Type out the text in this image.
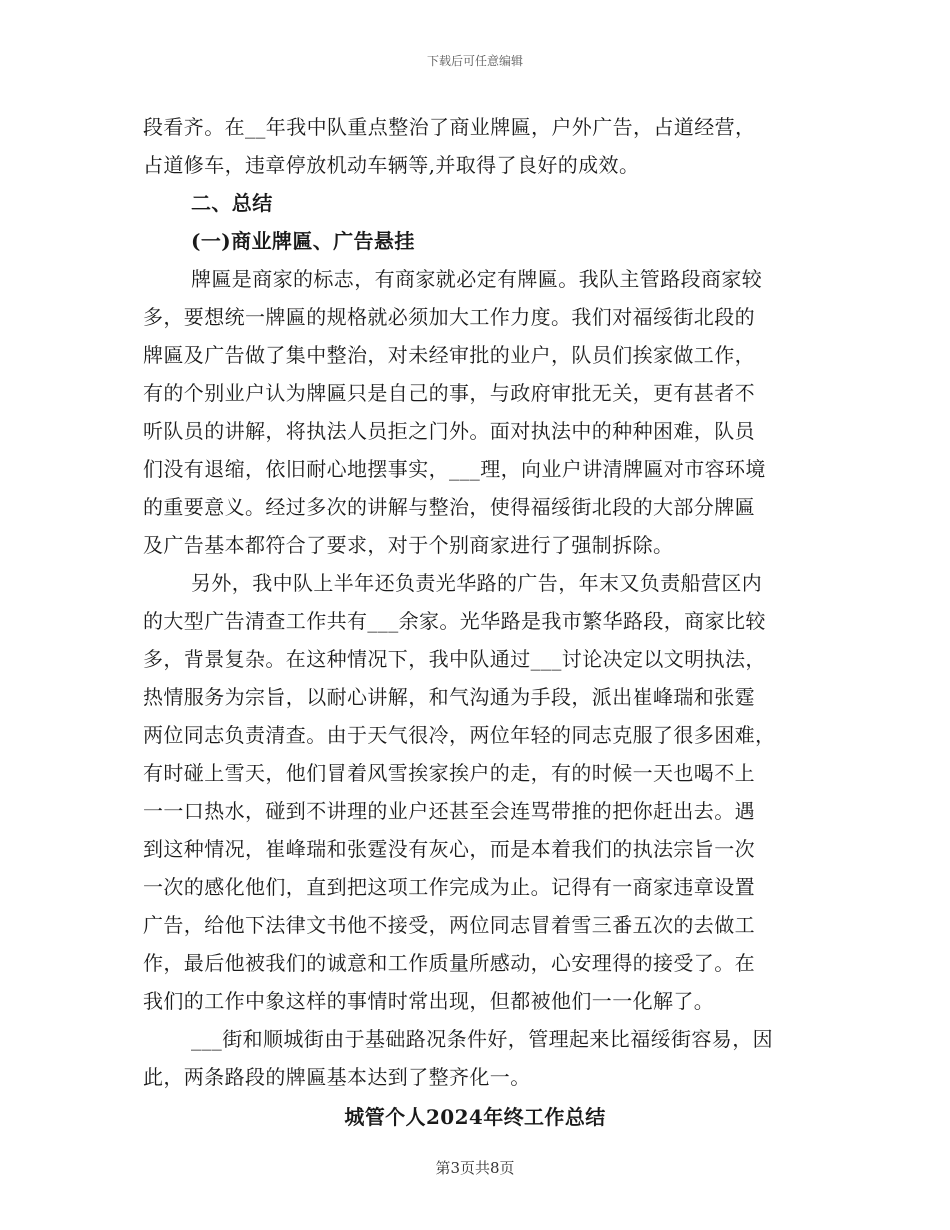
下载后可任意编辑
段看齐。在__年我中队重点整治了商业牌匾，户外广告，占道经营，
占道修车，违章停放机动车辆等,并取得了良好的成效。
二、总结
(一)商业牌匾、广告悬挂
牌匾是商家的标志，有商家就必定有牌匾。我队主管路段商家较
多，要想统一牌匾的规格就必须加大工作力度。我们对福绥街北段的
牌匾及广告做了集中整治，对未经审批的业户，队员们挨家做工作，
有的个别业户认为牌匾只是自己的事，与政府审批无关，更有甚者不
听队员的讲解，将执法人员拒之门外。面对执法中的种种困难，队员
们没有退缩，依旧耐心地摆事实，___理，向业户讲清牌匾对市容环境
的重要意义。经过多次的讲解与整治，使得福绥街北段的大部分牌匾
及广告基本都符合了要求，对于个别商家进行了强制拆除。
另外，我中队上半年还负责光华路的广告，年末又负责船营区内
的大型广告清查工作共有___余家。光华路是我市繁华路段，商家比较
多，背景复杂。在这种情况下，我中队通过___讨论决定以文明执法，
热情服务为宗旨，以耐心讲解，和气沟通为手段，派出崔峰瑞和张霆
两位同志负责清查。由于天气很冷，两位年轻的同志克服了很多困难，
有时碰上雪天，他们冒着风雪挨家挨户的走，有的时候一天也喝不上
一一口热水，碰到不讲理的业户还甚至会连骂带推的把你赶出去。遇
到这种情况，崔峰瑞和张霆没有灰心，而是本着我们的执法宗旨一次
一次的感化他们，直到把这项工作完成为止。记得有一商家违章设置
广告，给他下法律文书他不接受，两位同志冒着雪三番五次的去做工
作，最后他被我们的诚意和工作质量所感动，心安理得的接受了。在
我们的工作中象这样的事情时常出现，但都被他们一一化解了。
___街和顺城街由于基础路况条件好，管理起来比福绥街容易，因
此，两条路段的牌匾基本达到了整齐化一。
城管个人2024年终工作总结
第3页共8页
